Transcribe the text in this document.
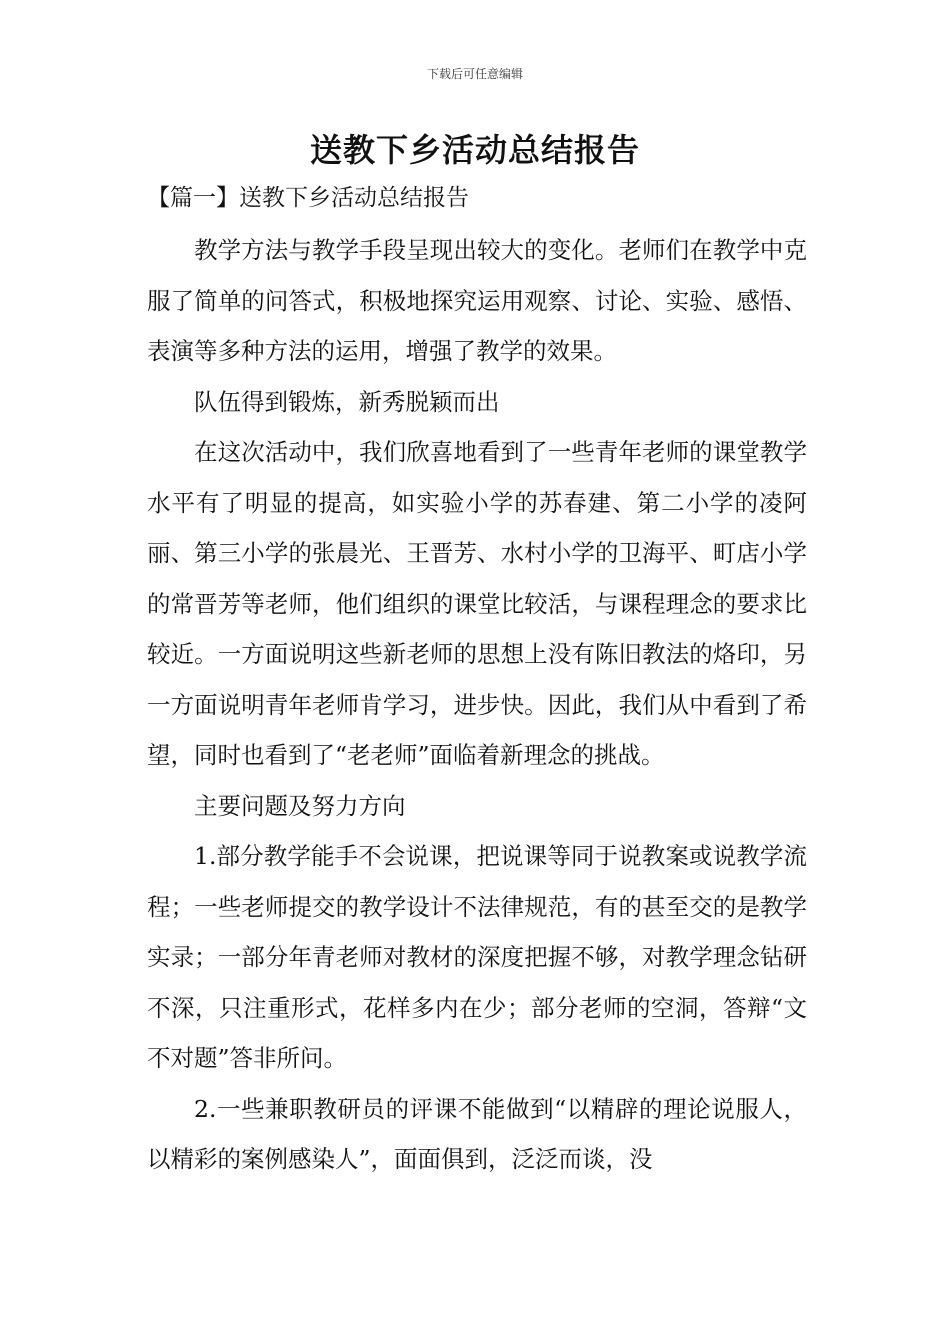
下载后可任意编辑
送教下乡活动总结报告
【篇一】送教下乡活动总结报告

教学方法与教学手段呈现出较大的变化。老师们在教学中克服了简单的问答式，积极地探究运用观察、讨论、实验、感悟、表演等多种方法的运用，增强了教学的效果。

队伍得到锻炼，新秀脱颖而出

在这次活动中，我们欣喜地看到了一些青年老师的课堂教学水平有了明显的提高，如实验小学的苏春建、第二小学的凌阿丽、第三小学的张晨光、王晋芳、水村小学的卫海平、町店小学的常晋芳等老师，他们组织的课堂比较活，与课程理念的要求比较近。一方面说明这些新老师的思想上没有陈旧教法的烙印，另一方面说明青年老师肯学习，进步快。因此，我们从中看到了希望，同时也看到了“老老师”面临着新理念的挑战。

主要问题及努力方向

1.部分教学能手不会说课，把说课等同于说教案或说教学流程；一些老师提交的教学设计不法律规范，有的甚至交的是教学实录；一部分年青老师对教材的深度把握不够，对教学理念钻研不深，只注重形式，花样多内在少；部分老师的空洞，答辩“文不对题”答非所问。

2.一些兼职教研员的评课不能做到“以精辟的理论说服人，以精彩的案例感染人”，面面俱到，泛泛而谈，没
